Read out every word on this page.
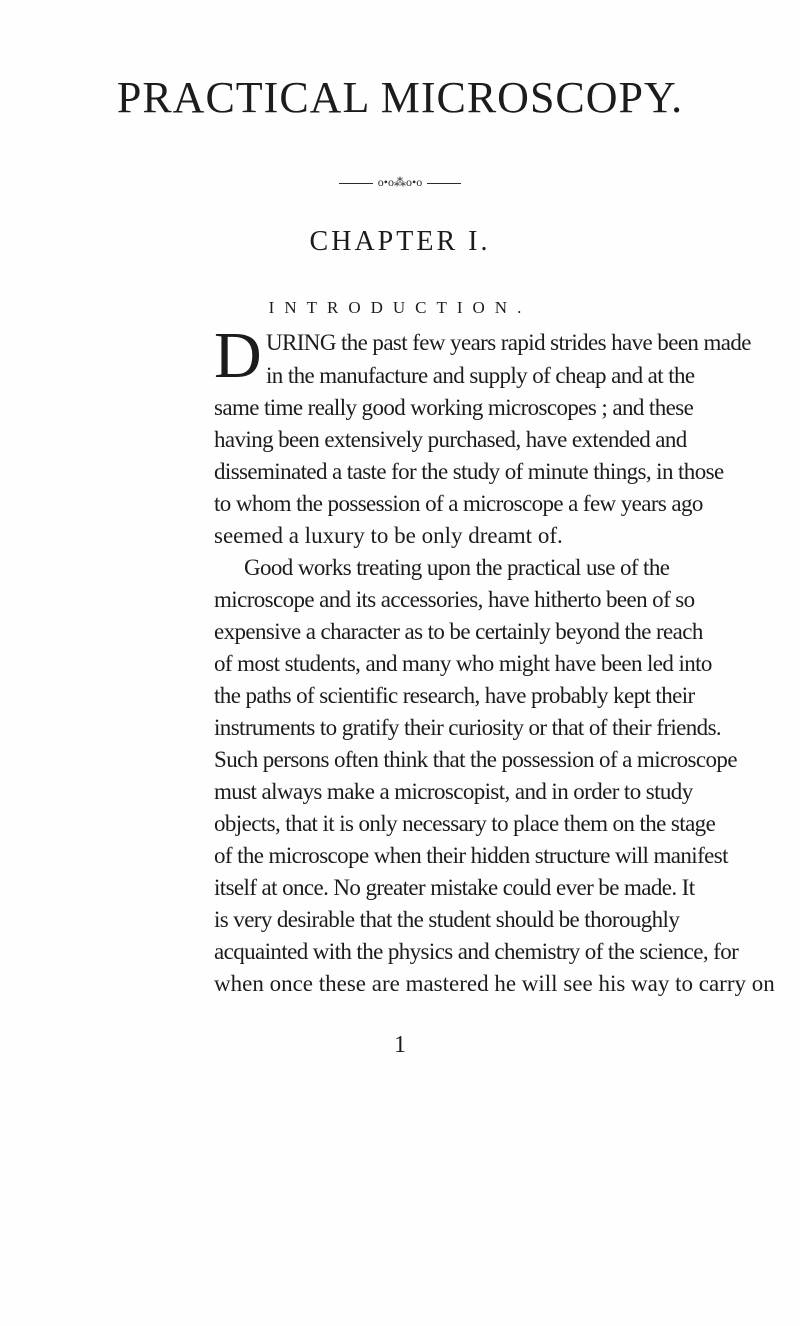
PRACTICAL MICROSCOPY.
o•o⁂o•o
CHAPTER I.
INTRODUCTION.
D URING the past few years rapid strides have been made
in the manufacture and supply of cheap and at the
same time really good working microscopes ; and these
having been extensively purchased, have extended and
disseminated a taste for the study of minute things, in those
to whom the possession of a microscope a few years ago
seemed a luxury to be only dreamt of.
Good works treating upon the practical use of the
microscope and its accessories, have hitherto been of so
expensive a character as to be certainly beyond the reach
of most students, and many who might have been led into
the paths of scientific research, have probably kept their
instruments to gratify their curiosity or that of their friends.
Such persons often think that the possession of a microscope
must always make a microscopist, and in order to study
objects, that it is only necessary to place them on the stage
of the microscope when their hidden structure will manifest
itself at once. No greater mistake could ever be made. It
is very desirable that the student should be thoroughly
acquainted with the physics and chemistry of the science, for
when once these are mastered he will see his way to carry on
1
